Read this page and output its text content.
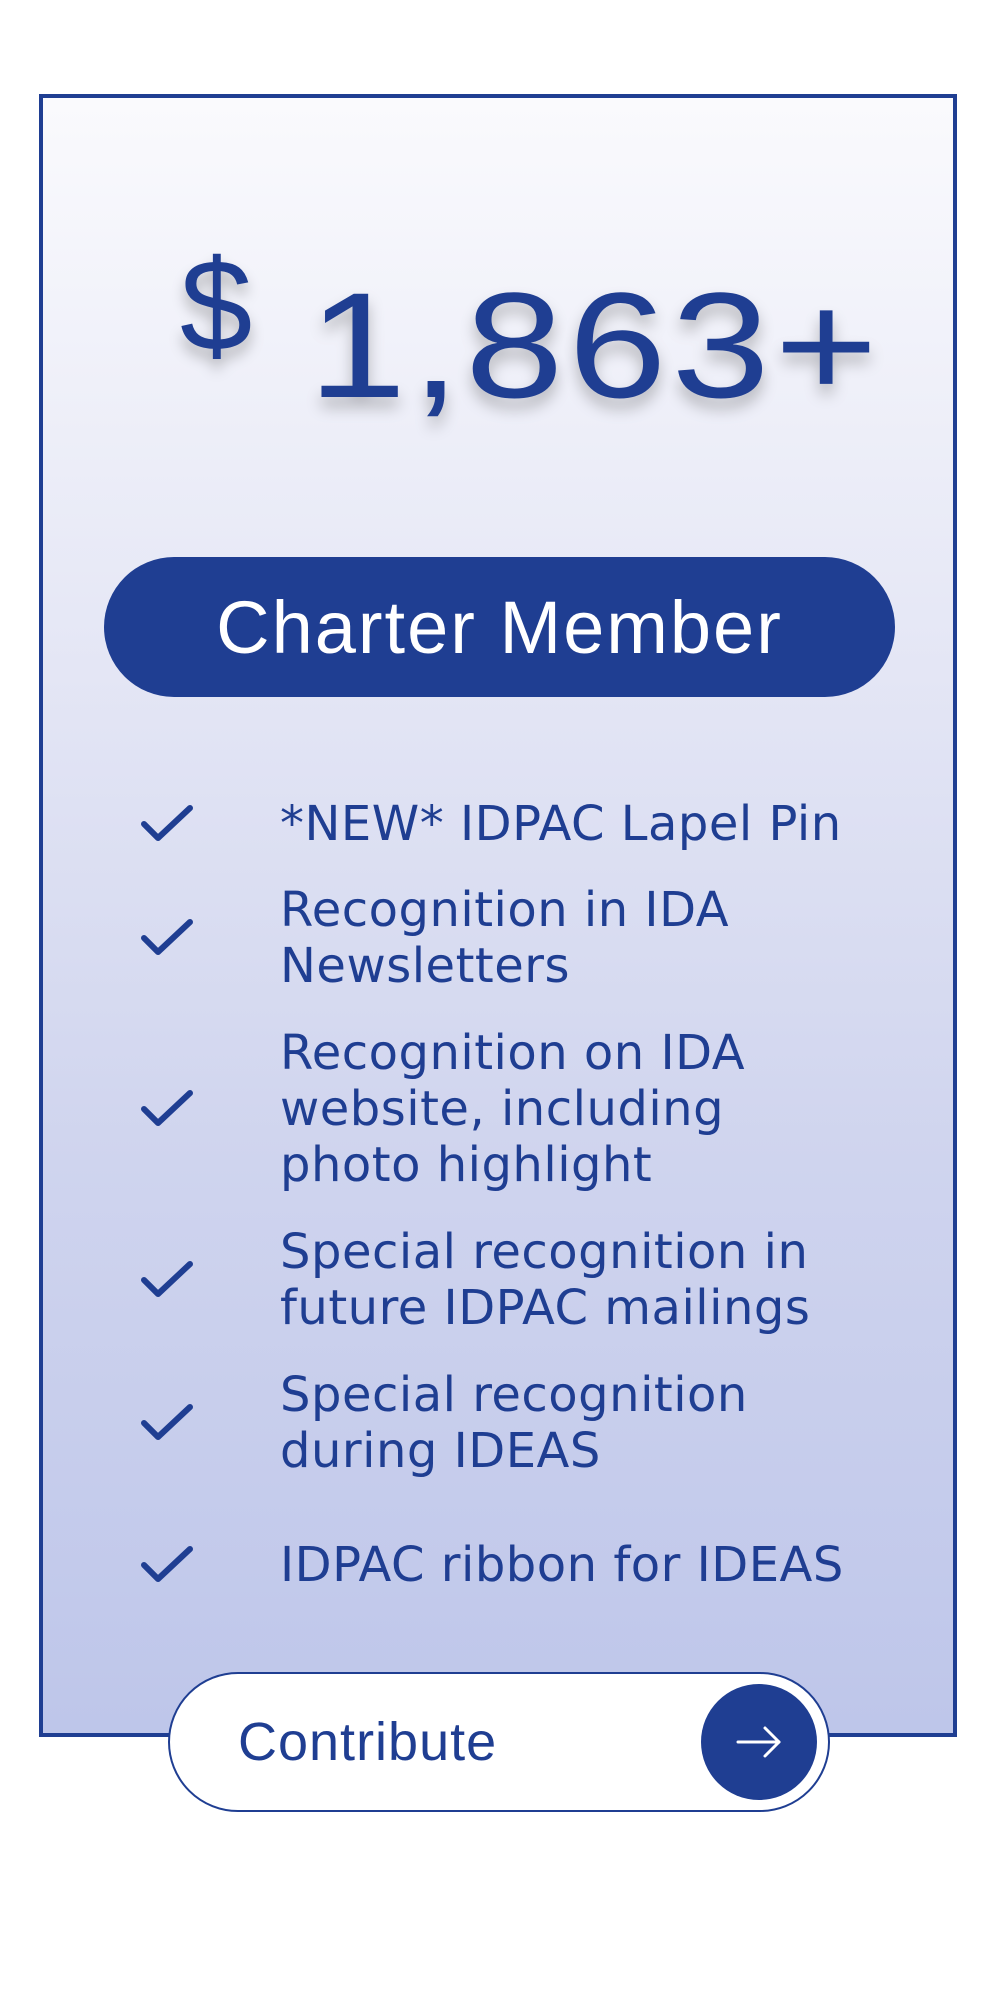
$ 1,863+
Charter Member
*NEW* IDPAC Lapel Pin
Recognition in IDA
Newsletters
Recognition on IDA
website, including
photo highlight
Special recognition in
future IDPAC mailings
Special recognition
during IDEAS
IDPAC ribbon for IDEAS
Contribute
